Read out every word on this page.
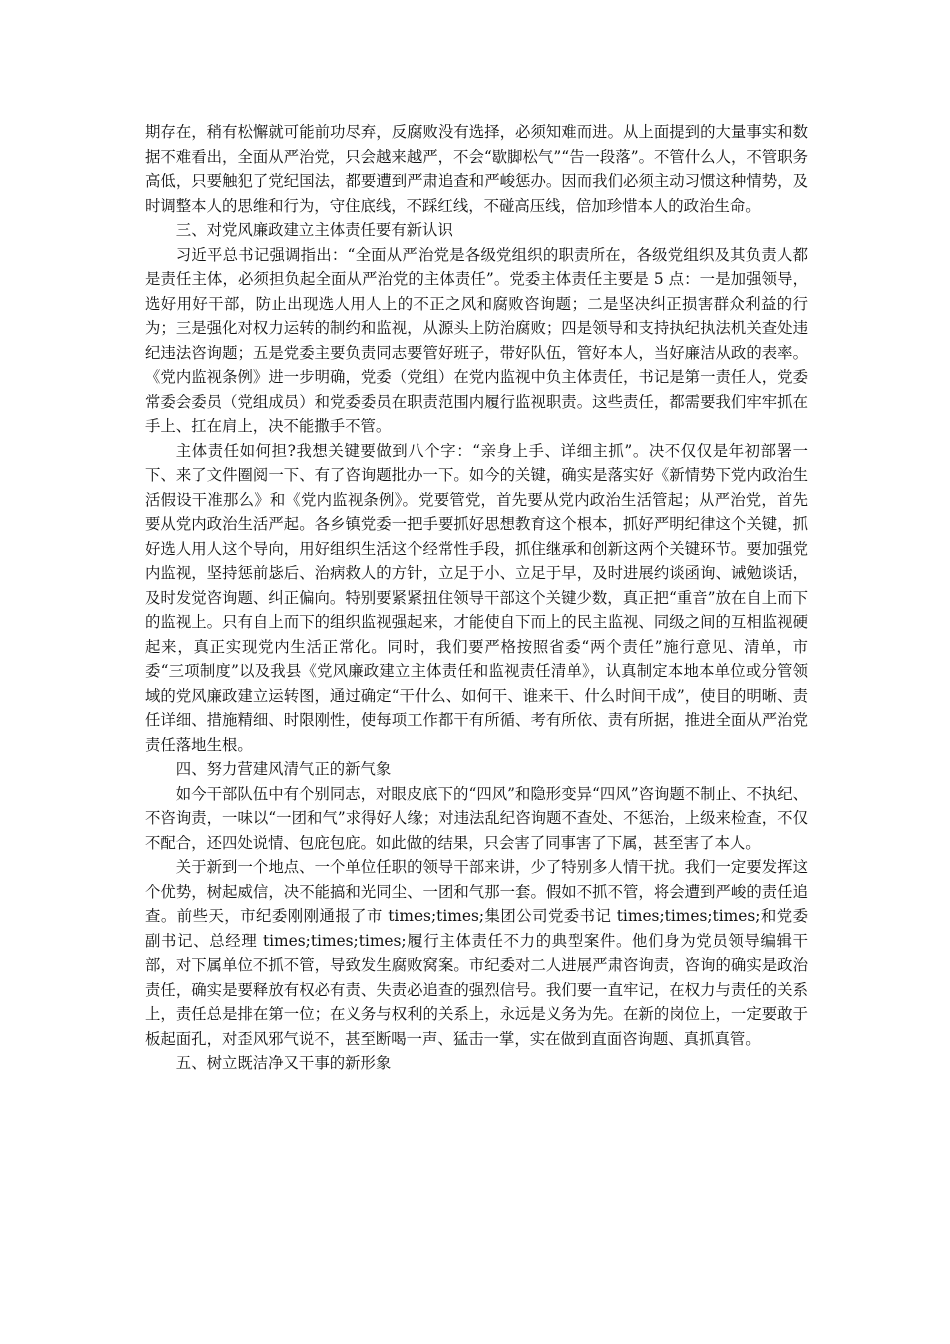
期存在，稍有松懈就可能前功尽弃，反腐败没有选择，必须知难而进。从上面提到的大量事实和数据不难看出，全面从严治党，只会越来越严，不会“歇脚松气”“告一段落”。不管什么人，不管职务高低，只要触犯了党纪国法，都要遭到严肃追查和严峻惩办。因而我们必须主动习惯这种情势，及时调整本人的思维和行为，守住底线，不踩红线，不碰高压线，倍加珍惜本人的政治生命。

三、对党风廉政建立主体责任要有新认识

习近平总书记强调指出：“全面从严治党是各级党组织的职责所在，各级党组织及其负责人都是责任主体，必须担负起全面从严治党的主体责任”。党委主体责任主要是 5 点：一是加强领导，选好用好干部，防止出现选人用人上的不正之风和腐败咨询题；二是坚决纠正损害群众利益的行为；三是强化对权力运转的制约和监视，从源头上防治腐败；四是领导和支持执纪执法机关查处违纪违法咨询题；五是党委主要负责同志要管好班子，带好队伍，管好本人，当好廉洁从政的表率。《党内监视条例》进一步明确，党委（党组）在党内监视中负主体责任，书记是第一责任人，党委常委会委员（党组成员）和党委委员在职责范围内履行监视职责。这些责任，都需要我们牢牢抓在手上、扛在肩上，决不能撒手不管。

主体责任如何担?我想关键要做到八个字：“亲身上手、详细主抓”。决不仅仅是年初部署一下、来了文件圈阅一下、有了咨询题批办一下。如今的关键，确实是落实好《新情势下党内政治生活假设干准那么》和《党内监视条例》。党要管党，首先要从党内政治生活管起；从严治党，首先要从党内政治生活严起。各乡镇党委一把手要抓好思想教育这个根本，抓好严明纪律这个关键，抓好选人用人这个导向，用好组织生活这个经常性手段，抓住继承和创新这两个关键环节。要加强党内监视，坚持惩前毖后、治病救人的方针，立足于小、立足于早，及时进展约谈函询、诫勉谈话，及时发觉咨询题、纠正偏向。特别要紧紧扭住领导干部这个关键少数，真正把“重音”放在自上而下的监视上。只有自上而下的组织监视强起来，才能使自下而上的民主监视、同级之间的互相监视硬起来，真正实现党内生活正常化。同时，我们要严格按照省委“两个责任”施行意见、清单，市委“三项制度”以及我县《党风廉政建立主体责任和监视责任清单》，认真制定本地本单位或分管领域的党风廉政建立运转图，通过确定“干什么、如何干、谁来干、什么时间干成”，使目的明晰、责任详细、措施精细、时限刚性，使每项工作都干有所循、考有所依、责有所据，推进全面从严治党责任落地生根。

四、努力营建风清气正的新气象

如今干部队伍中有个别同志，对眼皮底下的“四风”和隐形变异“四风”咨询题不制止、不执纪、不咨询责，一味以“一团和气”求得好人缘；对违法乱纪咨询题不查处、不惩治，上级来检查，不仅不配合，还四处说情、包庇包庇。如此做的结果，只会害了同事害了下属，甚至害了本人。

关于新到一个地点、一个单位任职的领导干部来讲，少了特别多人情干扰。我们一定要发挥这个优势，树起威信，决不能搞和光同尘、一团和气那一套。假如不抓不管，将会遭到严峻的责任追查。前些天，市纪委刚刚通报了市 times;times;集团公司党委书记 times;times;times;和党委副书记、总经理 times;times;times;履行主体责任不力的典型案件。他们身为党员领导编辑干部，对下属单位不抓不管，导致发生腐败窝案。市纪委对二人进展严肃咨询责，咨询的确实是政治责任，确实是要释放有权必有责、失责必追查的强烈信号。我们要一直牢记，在权力与责任的关系上，责任总是排在第一位；在义务与权利的关系上，永远是义务为先。在新的岗位上，一定要敢于板起面孔，对歪风邪气说不，甚至断喝一声、猛击一掌，实在做到直面咨询题、真抓真管。

五、树立既洁净又干事的新形象
